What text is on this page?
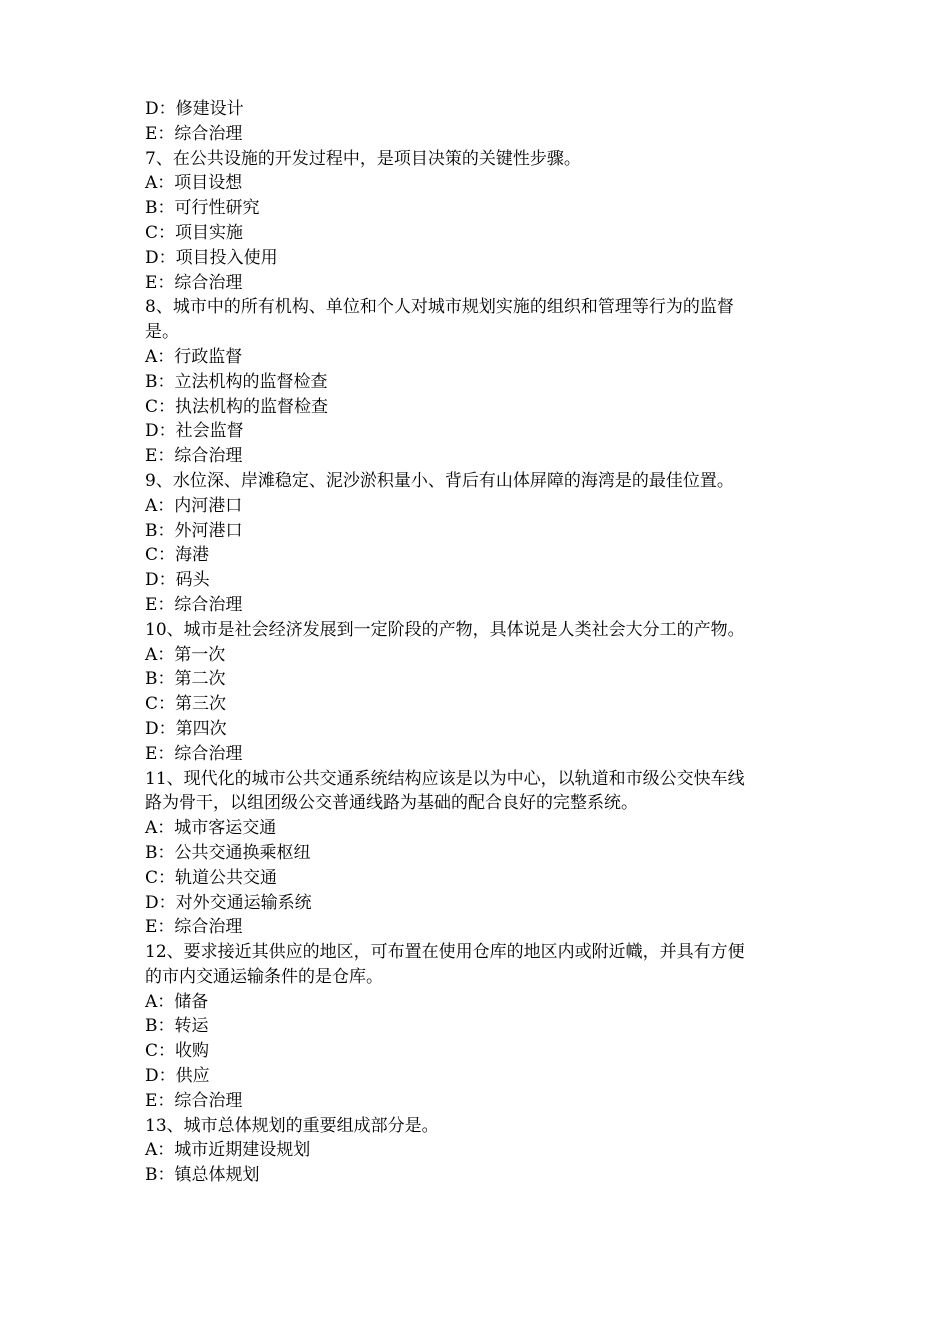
D：修建设计

E：综合治理

7、在公共设施的开发过程中，是项目决策的关键性步骤。

A：项目设想

B：可行性研究

C：项目实施

D：项目投入使用

E：综合治理

8、城市中的所有机构、单位和个人对城市规划实施的组织和管理等行为的监督

是。

A：行政监督

B：立法机构的监督检查

C：执法机构的监督检查

D：社会监督

E：综合治理

9、水位深、岸滩稳定、泥沙淤积量小、背后有山体屏障的海湾是的最佳位置。

A：内河港口

B：外河港口

C：海港

D：码头

E：综合治理

10、城市是社会经济发展到一定阶段的产物，具体说是人类社会大分工的产物。

A：第一次

B：第二次

C：第三次

D：第四次

E：综合治理

11、现代化的城市公共交通系统结构应该是以为中心，以轨道和市级公交快车线

路为骨干，以组团级公交普通线路为基础的配合良好的完整系统。

A：城市客运交通

B：公共交通换乘枢纽

C：轨道公共交通

D：对外交通运输系统

E：综合治理

12、要求接近其供应的地区，可布置在使用仓库的地区内或附近幟，并具有方便

的市内交通运输条件的是仓库。

A：储备

B：转运

C：收购

D：供应

E：综合治理

13、城市总体规划的重要组成部分是。

A：城市近期建设规划

B：镇总体规划
